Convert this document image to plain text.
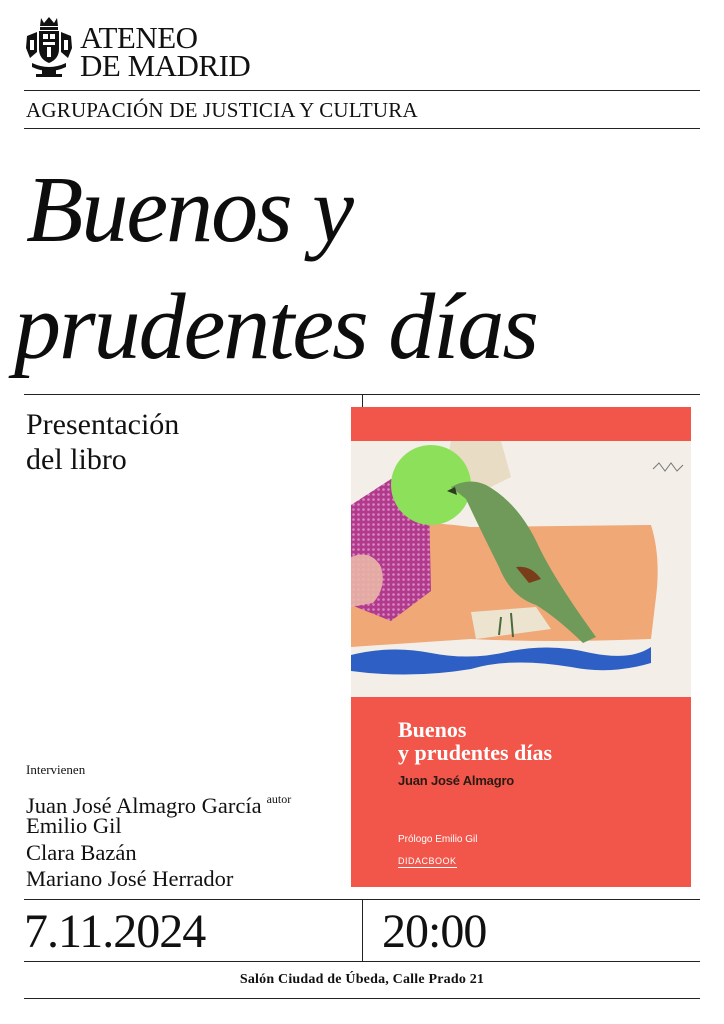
ATENEO
DE MADRID
AGRUPACIÓN DE JUSTICIA Y CULTURA
Buenos y
prudentes días
Presentación
del libro
Intervienen
Juan José Almagro García $^{autor}$
Emilio Gil
Clara Bazán
Mariano José Herrador
Buenos
y prudentes días
Juan José Almagro
Prólogo Emilio Gil
DIDACBOOK
7.11.2024	20:00
Salón Ciudad de Úbeda, Calle Prado 21
